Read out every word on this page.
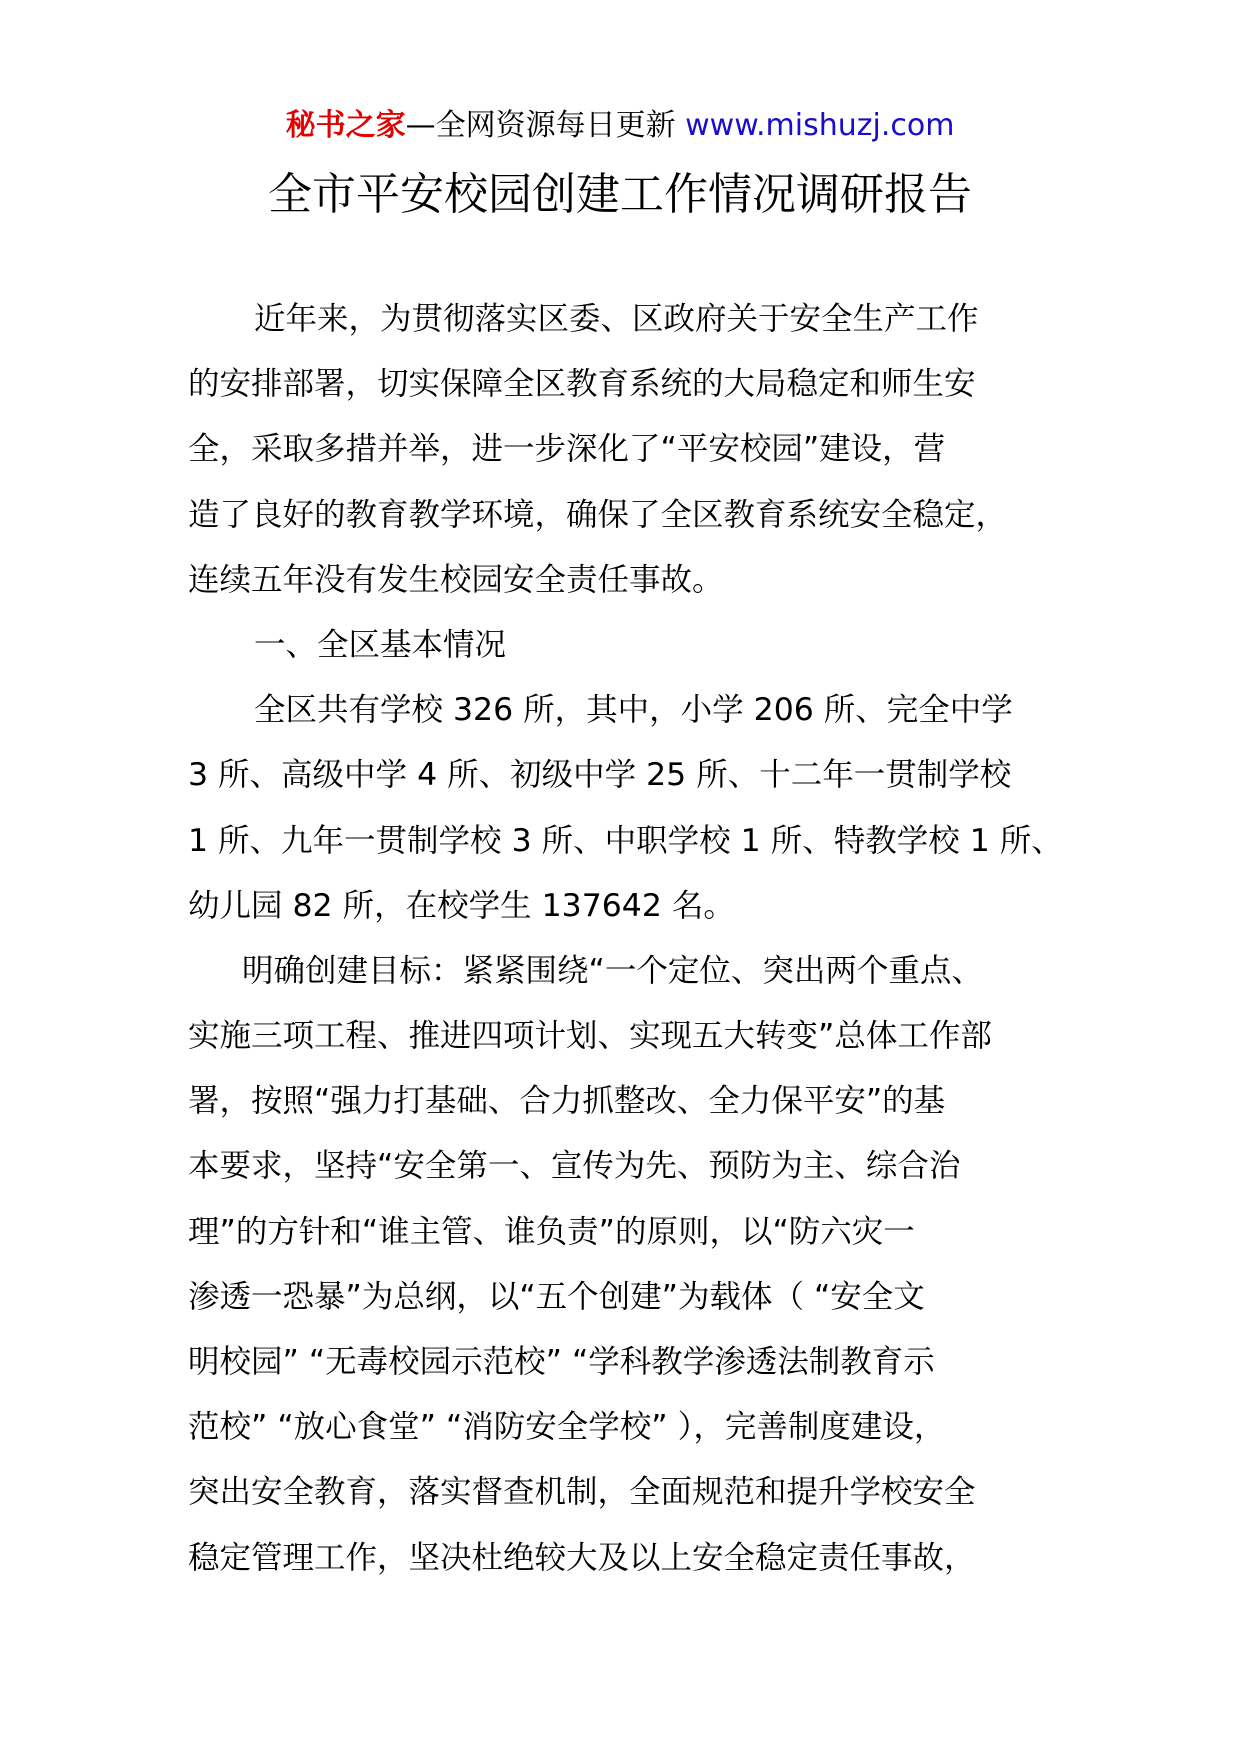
秘书之家—全网资源每日更新 www.mishuzj.com
全市平安校园创建工作情况调研报告
近年来，为贯彻落实区委、区政府关于安全生产工作
的安排部署，切实保障全区教育系统的大局稳定和师生安
全，采取多措并举，进一步深化了“平安校园”建设，营
造了良好的教育教学环境，确保了全区教育系统安全稳定，
连续五年没有发生校园安全责任事故。
一、全区基本情况
全区共有学校 326 所，其中，小学 206 所、完全中学
3 所、高级中学 4 所、初级中学 25 所、十二年一贯制学校
1 所、九年一贯制学校 3 所、中职学校 1 所、特教学校 1 所、
幼儿园 82 所，在校学生 137642 名。
明确创建目标：紧紧围绕“一个定位、突出两个重点、
实施三项工程、推进四项计划、实现五大转变”总体工作部
署，按照“强力打基础、合力抓整改、全力保平安”的基
本要求，坚持“安全第一、宣传为先、预防为主、综合治
理”的方针和“谁主管、谁负责”的原则，以“防六灾一
渗透一恐暴”为总纲，以“五个创建”为载体（ “安全文
明校园” “无毒校园示范校” “学科教学渗透法制教育示
范校” “放心食堂” “消防安全学校” ），完善制度建设，
突出安全教育，落实督查机制，全面规范和提升学校安全
稳定管理工作，坚决杜绝较大及以上安全稳定责任事故，
